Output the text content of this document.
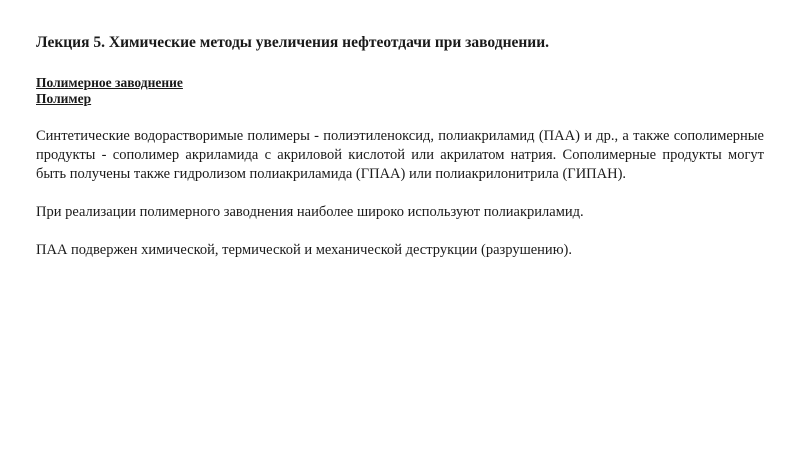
Лекция 5. Химические методы увеличения нефтеотдачи при заводнении.
Полимерное заводнение
Полимер

Синтетические водорастворимые полимеры - полиэтиленоксид, полиакриламид (ПАА) и др., а также сополимерные продукты - сополимер акриламида с акриловой кислотой или акрилатом натрия. Сополимерные продукты могут быть получены также гидролизом полиакриламида (ГПАА) или полиакрилонитрила (ГИПАН).

При реализации полимерного заводнения наиболее широко используют полиакриламид.

ПАА подвержен химической, термической и механической деструкции (разрушению).
